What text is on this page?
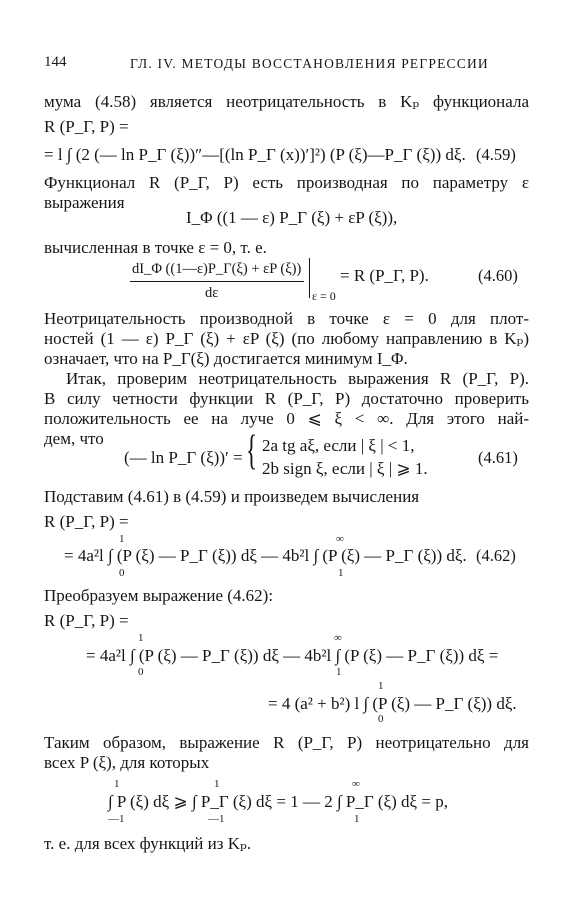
144	ГЛ. IV. МЕТОДЫ ВОССТАНОВЛЕНИЯ РЕГРЕССИИ
мума (4.58) является неотрицательность в Kₚ функционала
R (P_Г, P) =
= l ∫ (2 (— ln P_Г (ξ))″—[(ln P_Г (x))′]²) (P (ξ)—P_Г (ξ)) dξ. (4.59)
Функционал R (P_Г, P) есть производная по параметру ε
выражения
I_Φ ((1 — ε) P_Г (ξ) + εP (ξ)),
вычисленная в точке ε = 0, т. е.
dI_Φ ((1—ε)P_Г(ξ) + εP (ξ))
dε	ε = 0
= R (P_Г, P).	(4.60)
Неотрицательность производной в точке ε = 0 для плот-
ностей (1 — ε) P_Г (ξ) + εP (ξ) (по любому направлению в Kₚ)
означает, что на P_Г(ξ) достигается минимум I_Φ.
Итак, проверим неотрицательность выражения R (P_Г, P).
В силу четности функции R (P_Г, P) достаточно проверить
положительность ее на луче 0 ⩽ ξ < ∞. Для этого най-
дем, что
(— ln P_Г (ξ))′ = { 2a tg aξ, если | ξ | < 1,
2b sign ξ, если | ξ | ⩾ 1.
(4.61)
Подставим (4.61) в (4.59) и произведем вычисления
R (P_Г, P) =
1	∞
= 4a²l ∫ (P (ξ) — P_Г (ξ)) dξ — 4b²l ∫ (P (ξ) — P_Г (ξ)) dξ. (4.62)
0	1
Преобразуем выражение (4.62):
R (P_Г, P) =
1	∞
= 4a²l ∫ (P (ξ) — P_Г (ξ)) dξ — 4b²l ∫ (P (ξ) — P_Г (ξ)) dξ =
0	1
1
= 4 (a² + b²) l ∫ (P (ξ) — P_Г (ξ)) dξ.
0
Таким образом, выражение R (P_Г, P) неотрицательно для
всех P (ξ), для которых
1	1	∞
∫ P (ξ) dξ ⩾ ∫ P_Г (ξ) dξ = 1 — 2 ∫ P_Г (ξ) dξ = p,
—1	—1	1
т. е. для всех функций из Kₚ.
